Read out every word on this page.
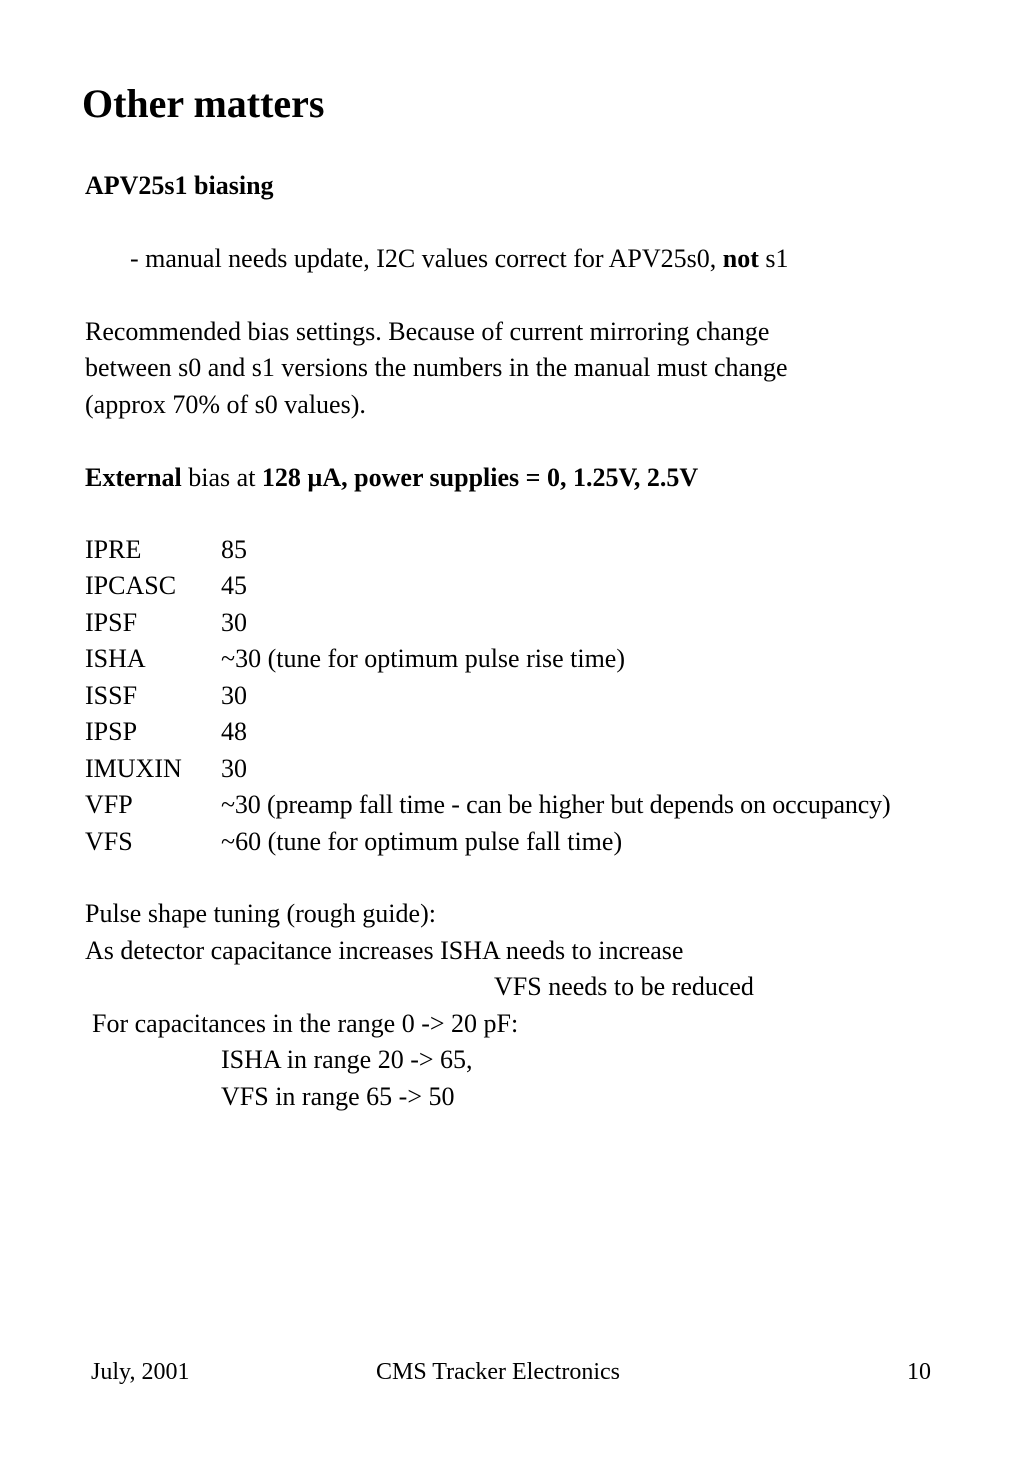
Other matters
APV25s1 biasing
- manual needs update, I2C values correct for APV25s0, not s1
Recommended bias settings. Because of current mirroring change
between s0 and s1 versions the numbers in the manual must change
(approx 70% of s0 values).
External bias at 128 µA, power supplies = 0, 1.25V, 2.5V
IPRE	85
IPCASC 45
IPSF	30
ISHA	~30 (tune for optimum pulse rise time)
ISSF	30
IPSP	48
IMUXIN 30
VFP	~30 (preamp fall time - can be higher but depends on occupancy)
VFS	~60 (tune for optimum pulse fall time)
Pulse shape tuning (rough guide):
As detector capacitance increases ISHA needs to increase
VFS needs to be reduced
For capacitances in the range 0 -> 20 pF:
ISHA in range 20 -> 65,
VFS in range 65 -> 50
July, 2001	CMS Tracker Electronics	10
